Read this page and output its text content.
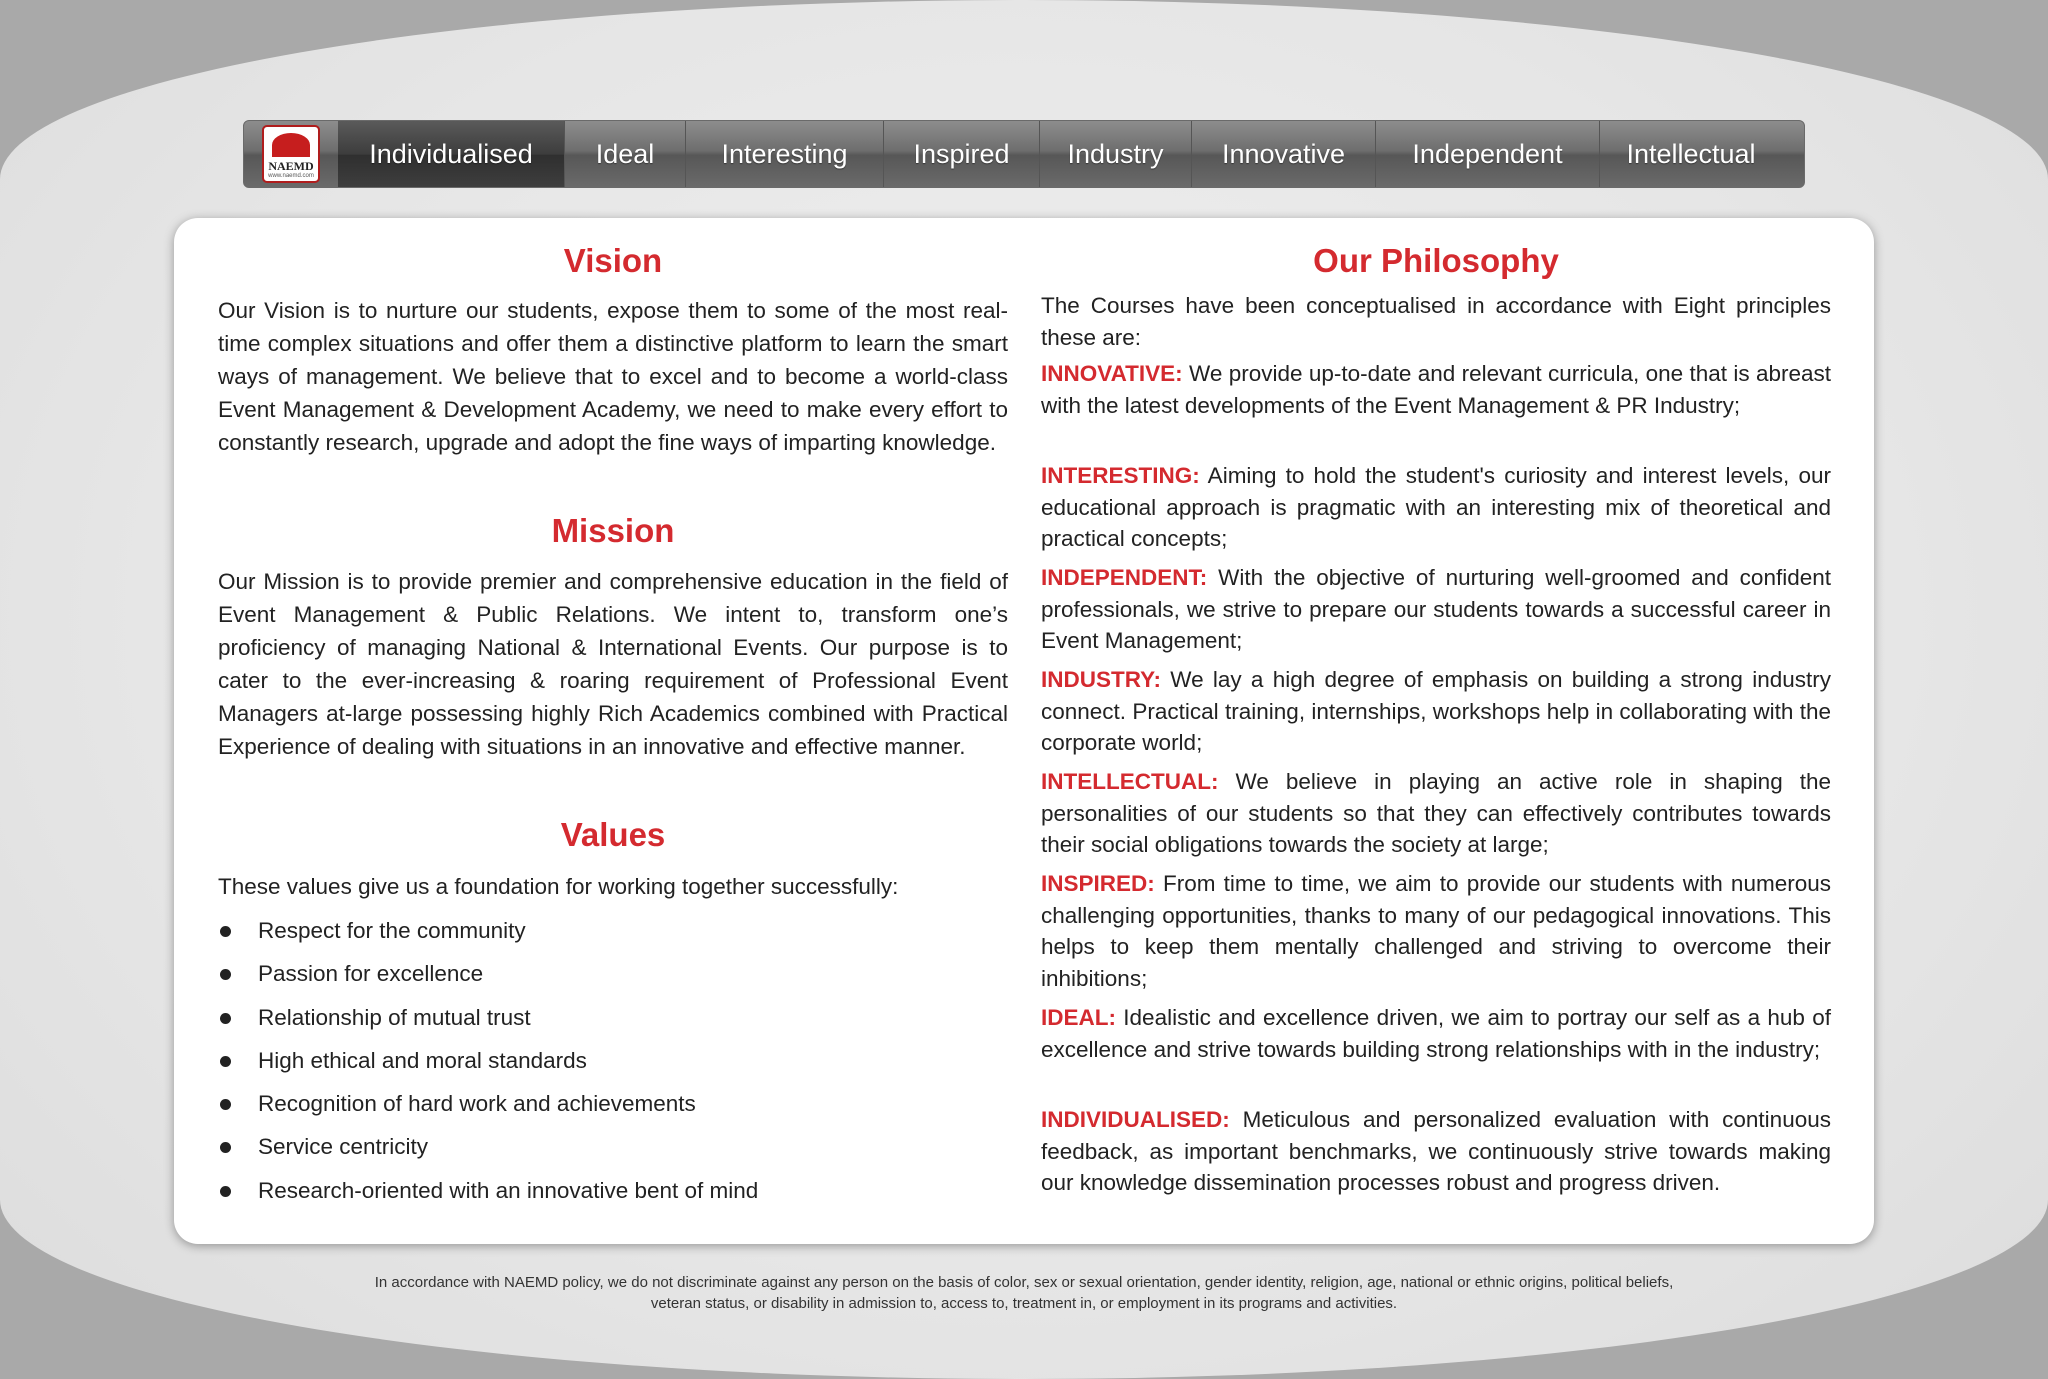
NAEMD
www.naemd.com
Individualised	Ideal	Interesting	Inspired	Industry	Innovative	Independent	Intellectual
Vision

Our Vision is to nurture our students, expose them to some of the most real-time complex situations and offer them a distinctive platform to learn the smart ways of management. We believe that to excel and to become a world-class Event Management & Development Academy, we need to make every effort to constantly research, upgrade and adopt the fine ways of imparting knowledge.

Mission

Our Mission is to provide premier and comprehensive education in the field of Event Management & Public Relations. We intent to, transform one’s proficiency of managing National & International Events. Our purpose is to cater to the ever-increasing & roaring requirement of Professional Event Managers at-large possessing highly Rich Academics combined with Practical Experience of dealing with situations in an innovative and effective manner.

Values

These values give us a foundation for working together successfully:

Respect for the community
Passion for excellence
Relationship of mutual trust
High ethical and moral standards
Recognition of hard work and achievements
Service centricity
Research-oriented with an innovative bent of mind
Our Philosophy

The Courses have been conceptualised in accordance with Eight principles these are:

INNOVATIVE: We provide up-to-date and relevant curricula, one that is abreast with the latest developments of the Event Management & PR Industry;

INTERESTING: Aiming to hold the student's curiosity and interest levels, our educational approach is pragmatic with an interesting mix of theoretical and practical concepts;

INDEPENDENT: With the objective of nurturing well-groomed and confident professionals, we strive to prepare our students towards a successful career in Event Management;

INDUSTRY: We lay a high degree of emphasis on building a strong industry connect. Practical training, internships, workshops help in collaborating with the corporate world;

INTELLECTUAL: We believe in playing an active role in shaping the personalities of our students so that they can effectively contributes towards their social obligations towards the society at large;

INSPIRED: From time to time, we aim to provide our students with numerous challenging opportunities, thanks to many of our pedagogical innovations. This helps to keep them mentally challenged and striving to overcome their inhibitions;

IDEAL: Idealistic and excellence driven, we aim to portray our self as a hub of excellence and strive towards building strong relationships with in the industry;

INDIVIDUALISED: Meticulous and personalized evaluation with continuous feedback, as important benchmarks, we continuously strive towards making our knowledge dissemination processes robust and progress driven.

In accordance with NAEMD policy, we do not discriminate against any person on the basis of color, sex or sexual orientation, gender identity, religion, age, national or ethnic origins, political beliefs,
veteran status, or disability in admission to, access to, treatment in, or employment in its programs and activities.
